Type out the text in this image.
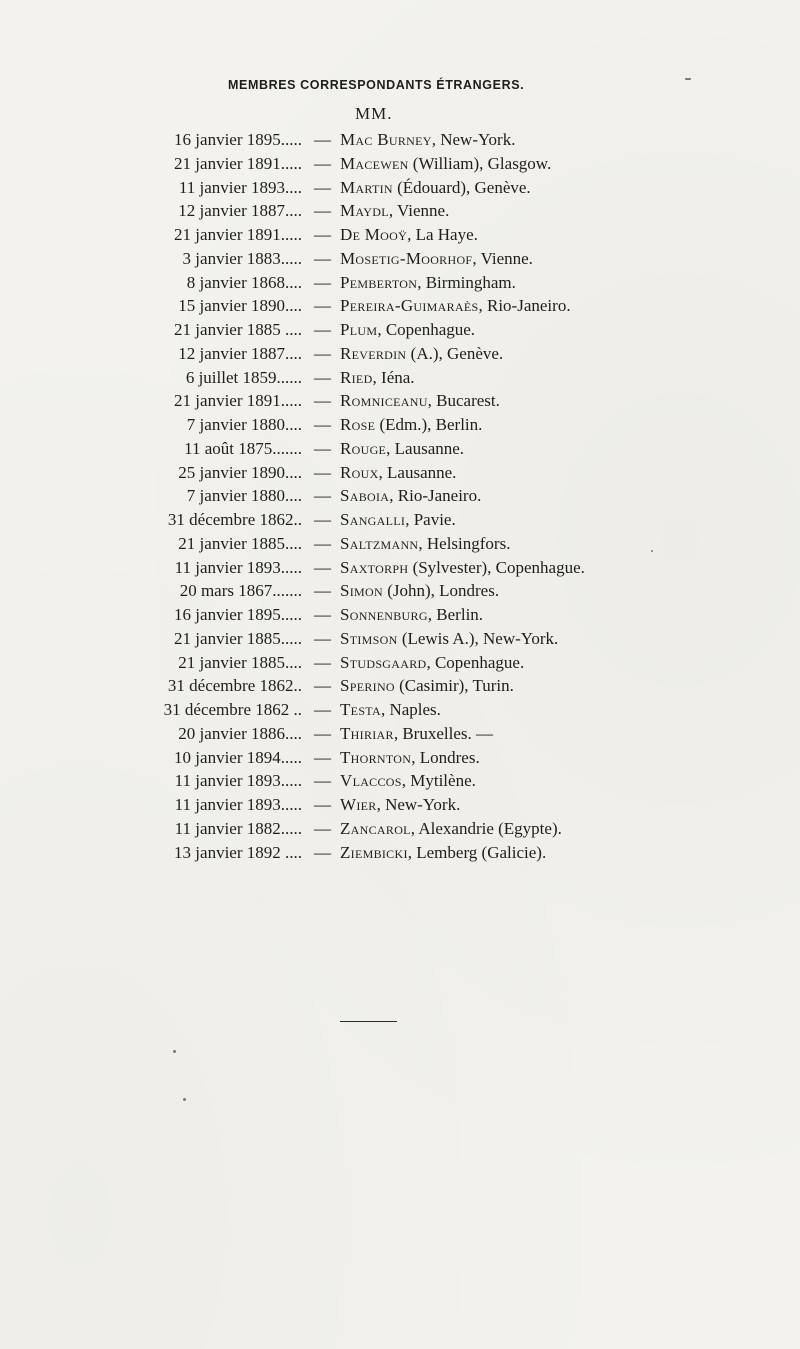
MEMBRES CORRESPONDANTS ÉTRANGERS.
MM.
16 janvier 1895..... — Mac Burney, New-York.
21 janvier 1891..... — Macewen (William), Glasgow.
11 janvier 1893.... — Martin (Édouard), Genève.
12 janvier 1887.... — Maydl, Vienne.
21 janvier 1891..... — De Mooÿ, La Haye.
3 janvier 1883..... — Mosetig-Moorhof, Vienne.
8 janvier 1868.... — Pemberton, Birmingham.
15 janvier 1890.... — Pereira-Guimaraès, Rio-Janeiro.
21 janvier 1885 .... — Plum, Copenhague.
12 janvier 1887.... — Reverdin (A.), Genève.
6 juillet 1859...... — Ried, Iéna.
21 janvier 1891..... — Romniceanu, Bucarest.
7 janvier 1880.... — Rose (Edm.), Berlin.
11 août 1875....... — Rouge, Lausanne.
25 janvier 1890.... — Roux, Lausanne.
7 janvier 1880.... — Saboia, Rio-Janeiro.
31 décembre 1862.. — Sangalli, Pavie.
21 janvier 1885.... — Saltzmann, Helsingfors.
11 janvier 1893..... — Saxtorph (Sylvester), Copenhague.
20 mars 1867....... — Simon (John), Londres.
16 janvier 1895..... — Sonnenburg, Berlin.
21 janvier 1885..... — Stimson (Lewis A.), New-York.
21 janvier 1885.... — Studsgaard, Copenhague.
31 décembre 1862.. — Sperino (Casimir), Turin.
31 décembre 1862 .. — Testa, Naples.
20 janvier 1886.... — Thiriar, Bruxelles. —
10 janvier 1894..... — Thornton, Londres.
11 janvier 1893..... — Vlaccos, Mytilène.
11 janvier 1893..... — Wier, New-York.
11 janvier 1882..... — Zancarol, Alexandrie (Egypte).
13 janvier 1892 .... — Ziembicki, Lemberg (Galicie).
